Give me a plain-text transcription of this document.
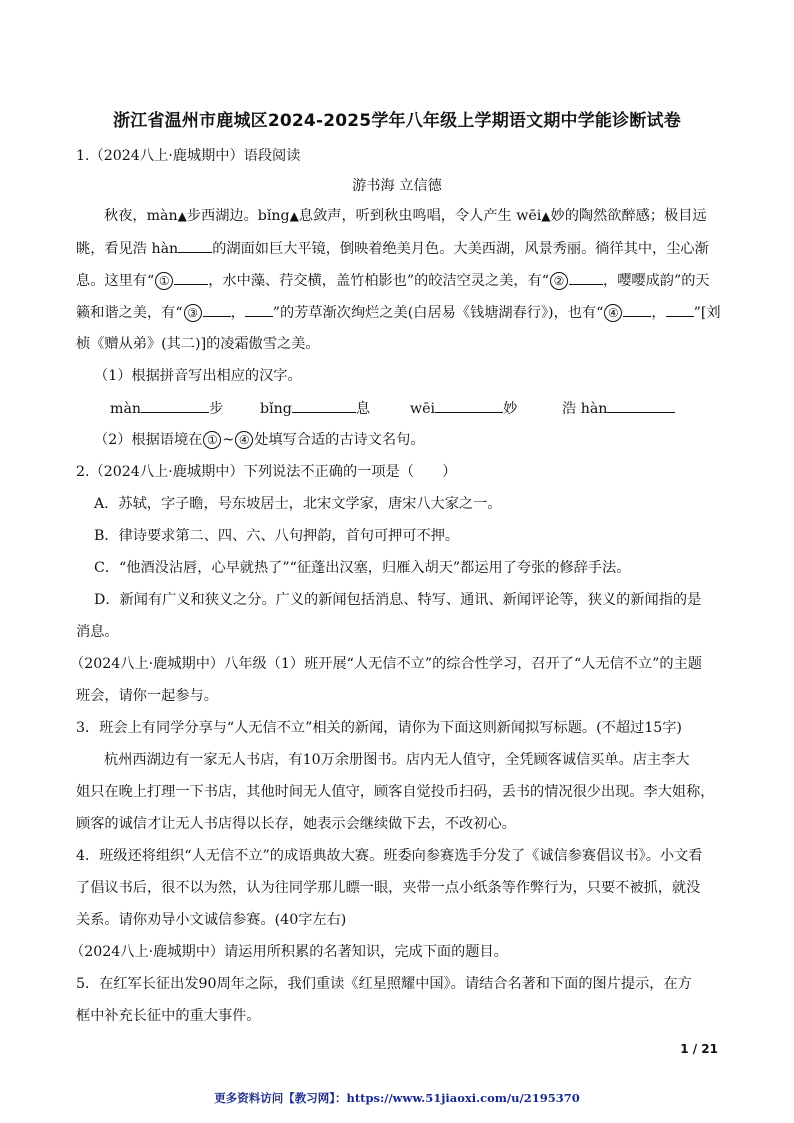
浙江省温州市鹿城区2024-2025学年八年级上学期语文期中学能诊断试卷
1.（2024八上·鹿城期中）语段阅读
游书海 立信德
秋夜，màn▲步西湖边。bǐng▲息敛声，听到秋虫鸣唱，令人产生 wēi▲妙的陶然欲醉感；极目远
眺，看见浩 hàn 的湖面如巨大平镜，倒映着绝美月色。大美西湖，风景秀丽。徜徉其中，尘心渐
息。这里有“ ①	，水中藻、荇交横，盖竹柏影也”的皎洁空灵之美，有“ ②	，嘤嘤成韵”的天
籁和谐之美，有“ ③ ， ”的芳草渐次绚烂之美(白居易《钱塘湖春行》)，也有“ ④ ， ”[刘
桢《赠从弟》(其二)]的凌霜傲雪之美。
（1）根据拼音写出相应的汉字。
màn	步	bǐng	息	wēi	妙	浩 hàn
（2）根据语境在 ① ~ ④ 处填写合适的古诗文名句。
2.（2024八上·鹿城期中）下列说法不正确的一项是（　　）
A．苏轼，字子瞻，号东坡居士，北宋文学家，唐宋八大家之一。
B．律诗要求第二、四、六、八句押韵，首句可押可不押。
C．“他酒没沾唇，心早就热了”“征蓬出汉塞，归雁入胡天”都运用了夸张的修辞手法。
D．新闻有广义和狭义之分。广义的新闻包括消息、特写、通讯、新闻评论等，狭义的新闻指的是
消息。
（2024八上·鹿城期中）八年级（1）班开展“人无信不立”的综合性学习，召开了“人无信不立”的主题
班会，请你一起参与。
3．班会上有同学分享与“人无信不立”相关的新闻，请你为下面这则新闻拟写标题。(不超过15字)
杭州西湖边有一家无人书店，有10万余册图书。店内无人值守，全凭顾客诚信买单。店主李大
姐只在晚上打理一下书店，其他时间无人值守，顾客自觉投币扫码，丢书的情况很少出现。李大姐称，
顾客的诚信才让无人书店得以长存，她表示会继续做下去，不改初心。
4．班级还将组织“人无信不立”的成语典故大赛。班委向参赛选手分发了《诚信参赛倡议书》。小文看
了倡议书后，很不以为然，认为往同学那儿瞟一眼，夹带一点小纸条等作弊行为，只要不被抓，就没
关系。请你劝导小文诚信参赛。(40字左右)
（2024八上·鹿城期中）请运用所积累的名著知识，完成下面的题目。
5．在红军长征出发90周年之际，我们重读《红星照耀中国》。请结合名著和下面的图片提示，在方
框中补充长征中的重大事件。
1 / 21
更多资料访问【教习网】：https://www.51jiaoxi.com/u/2195370
